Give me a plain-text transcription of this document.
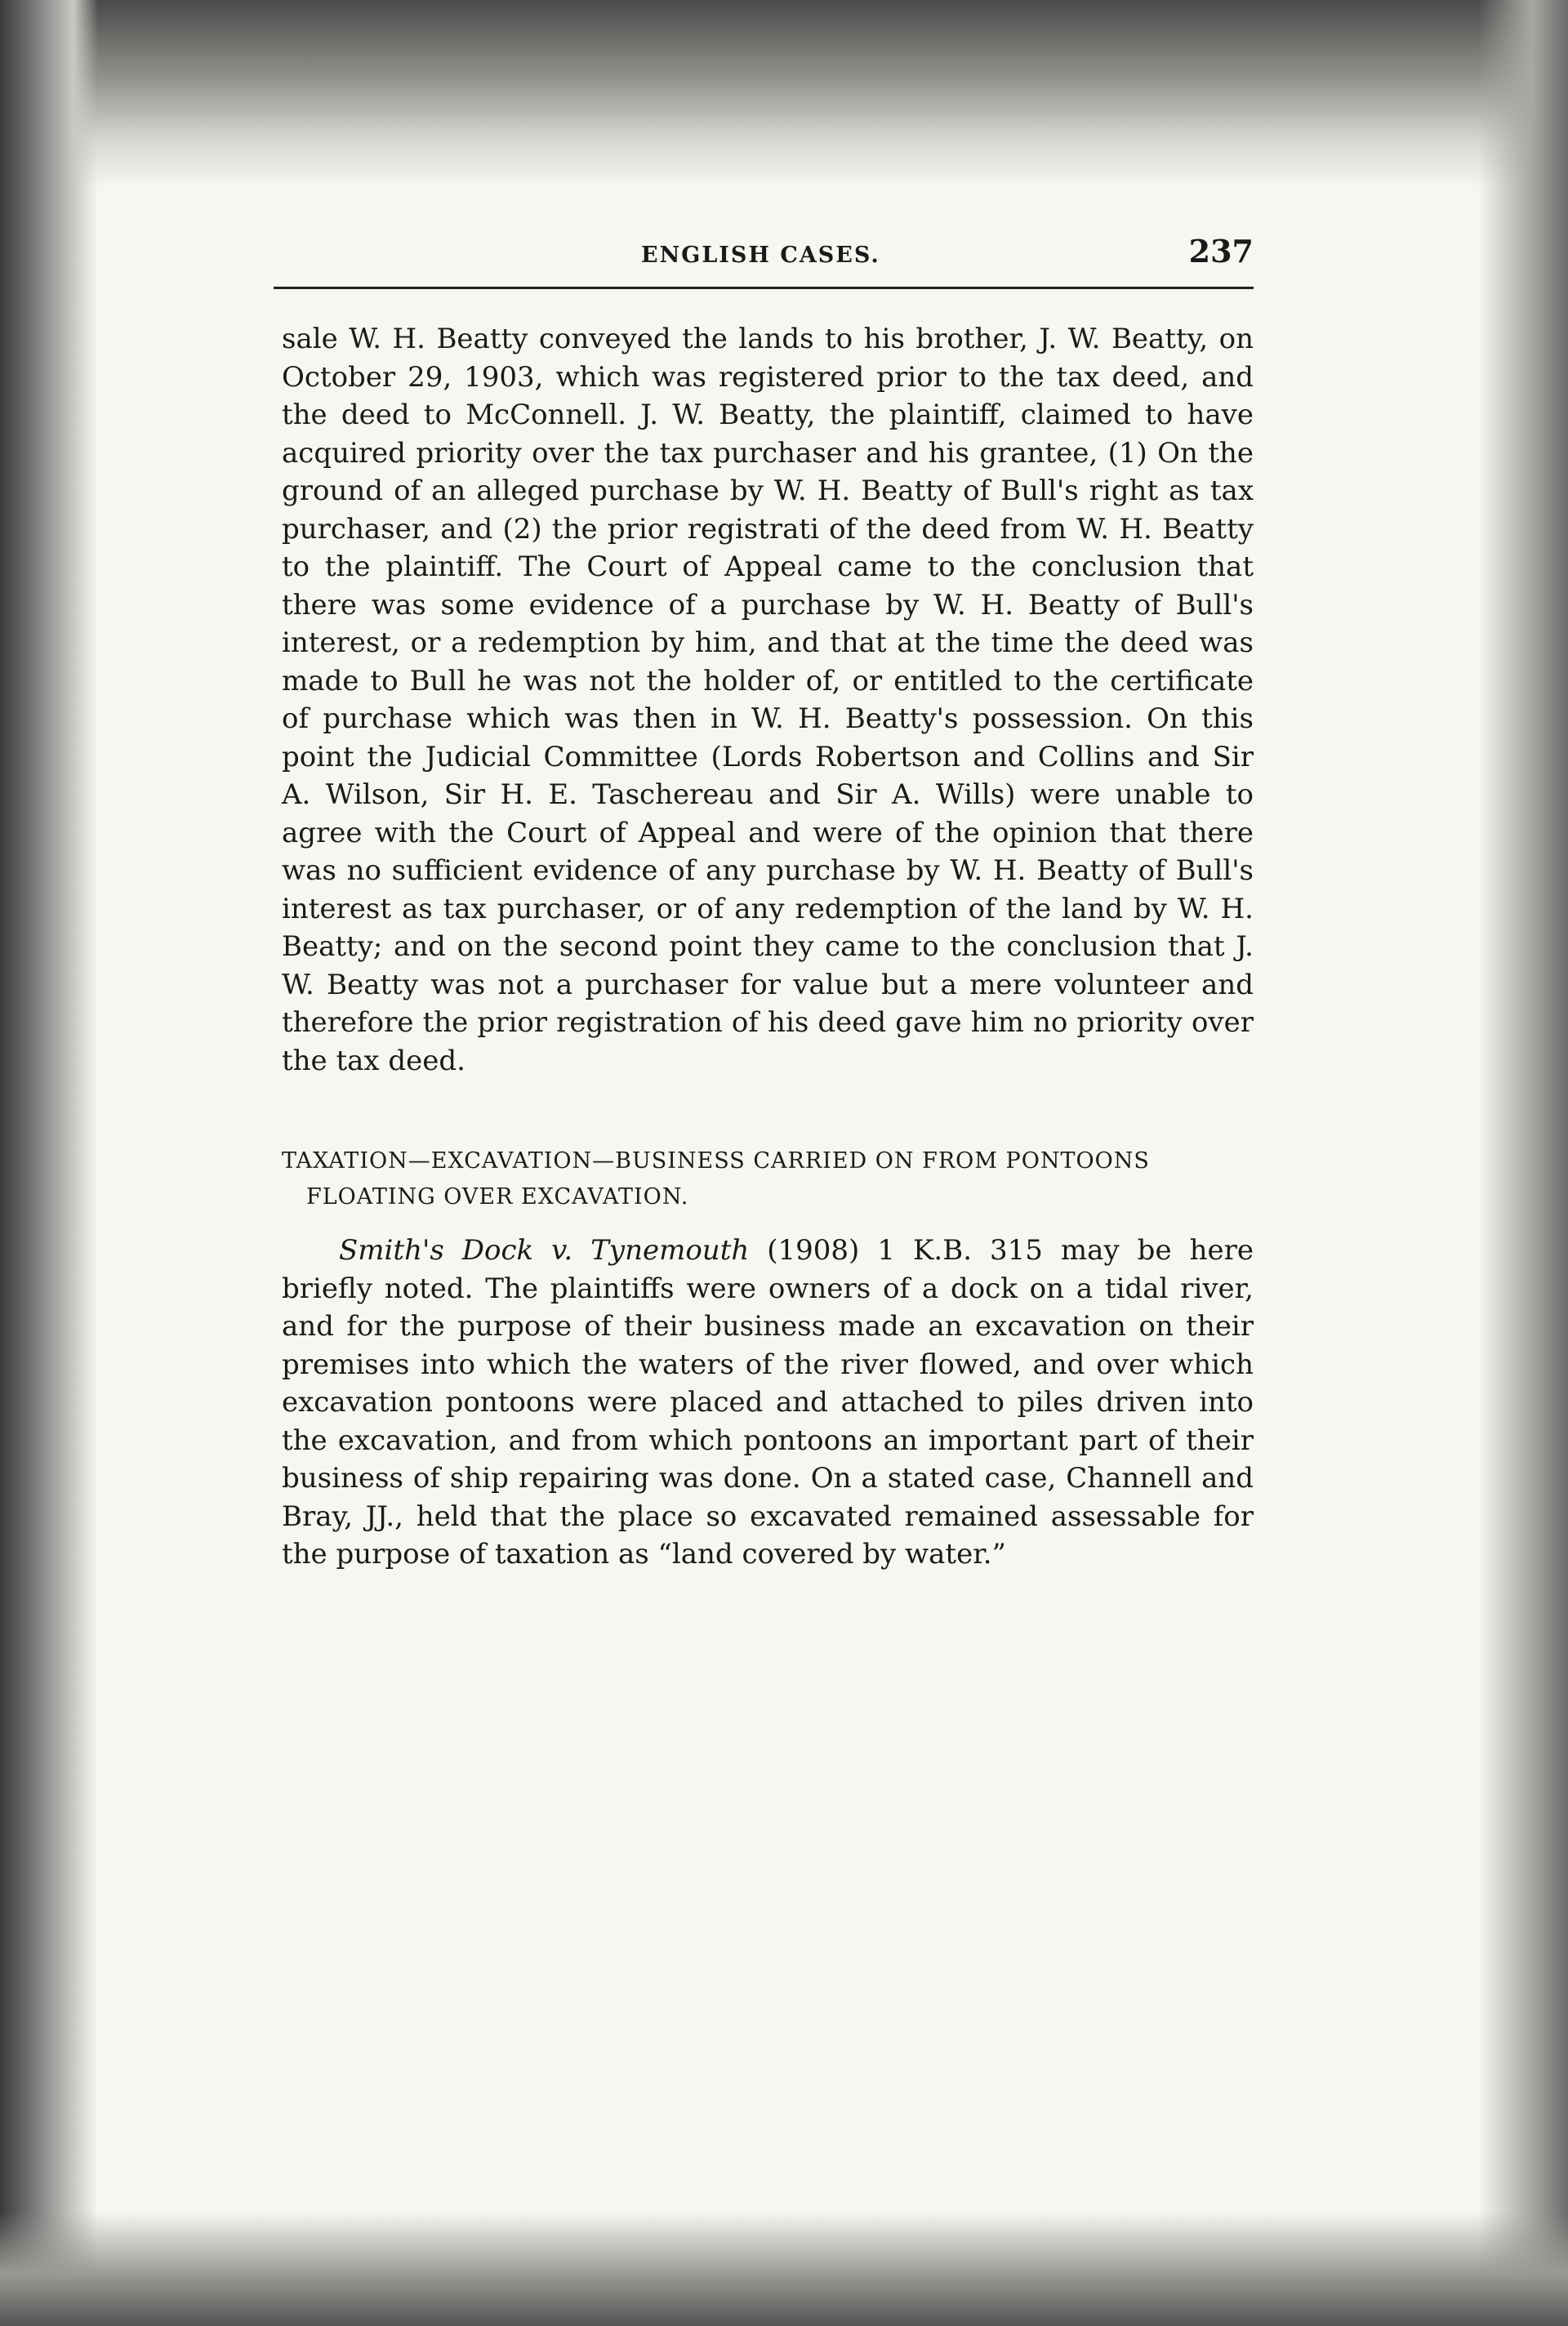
ENGLISH CASES.	237

sale W. H. Beatty conveyed the lands to his brother, J. W. Beatty, on October 29, 1903, which was registered prior to the tax deed, and the deed to McConnell. J. W. Beatty, the plaintiff, claimed to have acquired priority over the tax purchaser and his grantee, (1) On the ground of an alleged purchase by W. H. Beatty of Bull's right as tax purchaser, and (2) the prior registrati of the deed from W. H. Beatty to the plaintiff. The Court of Appeal came to the conclusion that there was some evidence of a purchase by W. H. Beatty of Bull's interest, or a redemption by him, and that at the time the deed was made to Bull he was not the holder of, or entitled to the certificate of purchase which was then in W. H. Beatty's possession. On this point the Judicial Committee (Lords Robertson and Collins and Sir A. Wilson, Sir H. E. Taschereau and Sir A. Wills) were unable to agree with the Court of Appeal and were of the opinion that there was no sufficient evidence of any purchase by W. H. Beatty of Bull's interest as tax purchaser, or of any redemption of the land by W. H. Beatty; and on the second point they came to the conclusion that J. W. Beatty was not a purchaser for value but a mere volunteer and therefore the prior registration of his deed gave him no priority over the tax deed.

TAXATION—EXCAVATION—BUSINESS CARRIED ON FROM PONTOONS
FLOATING OVER EXCAVATION.

Smith's Dock v. Tynemouth (1908) 1 K.B. 315 may be here briefly noted. The plaintiffs were owners of a dock on a tidal river, and for the purpose of their business made an excavation on their premises into which the waters of the river flowed, and over which excavation pontoons were placed and attached to piles driven into the excavation, and from which pontoons an important part of their business of ship repairing was done. On a stated case, Channell and Bray, JJ., held that the place so excavated remained assessable for the purpose of taxation as “land covered by water.”
